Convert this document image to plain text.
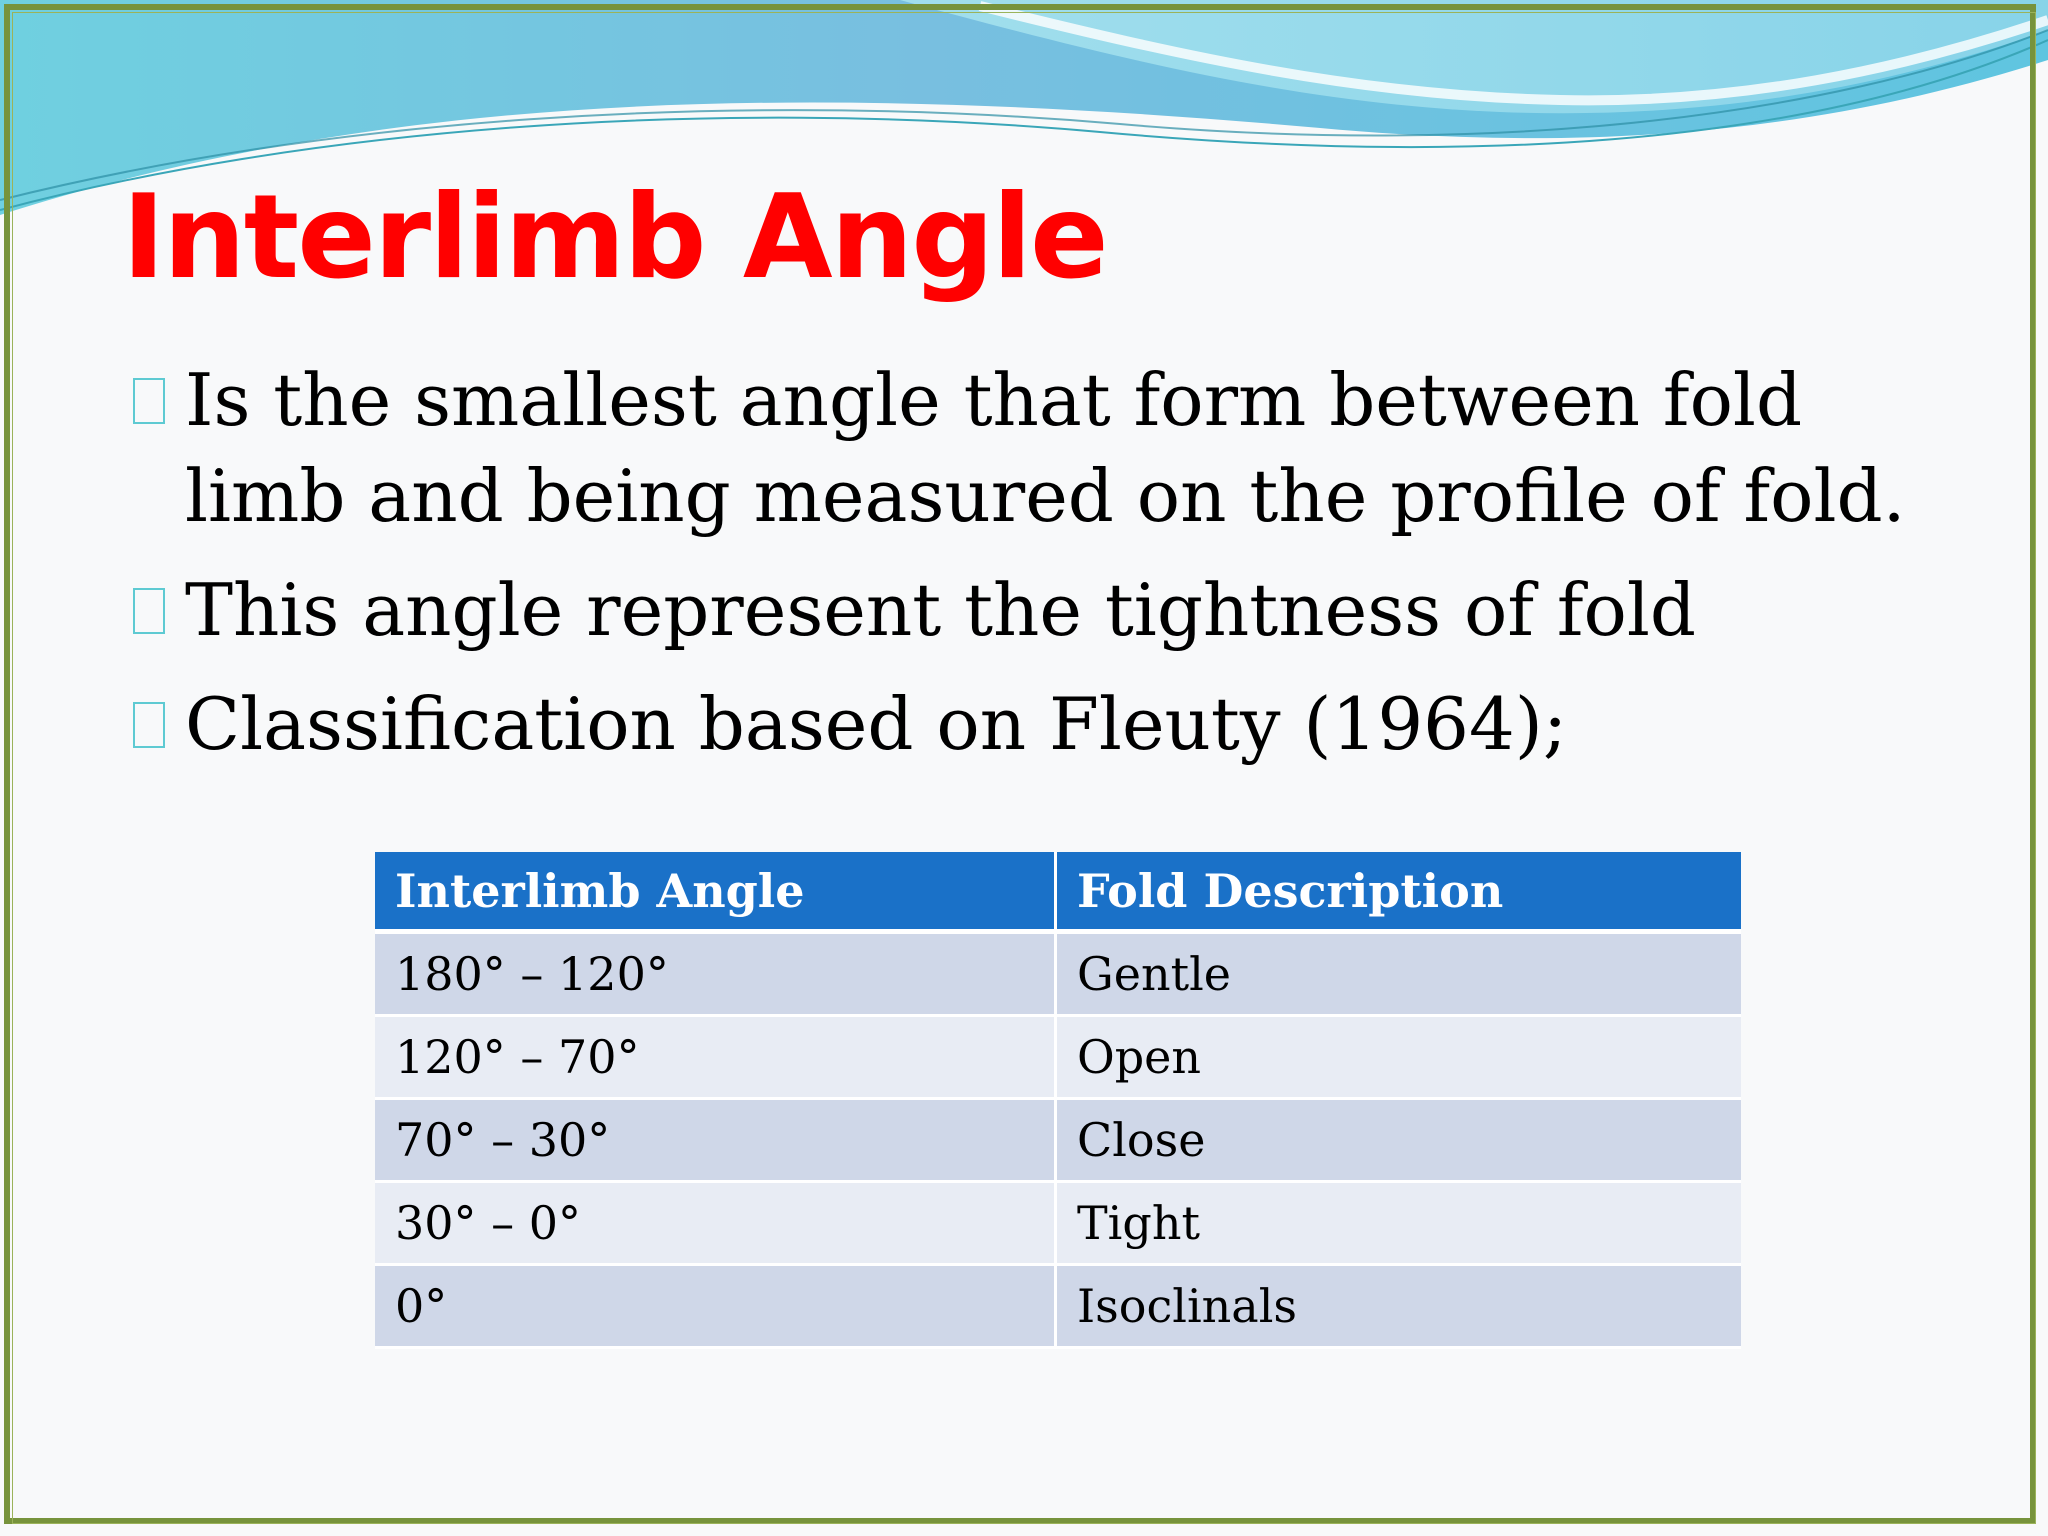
Interlimb Angle
Is the smallest angle that form between fold limb and being measured on the profile of fold.
This angle represent the tightness of fold
Classification based on Fleuty (1964);
Interlimb Angle	Fold Description
180° – 120°	Gentle
120° – 70°	Open
70° – 30°	Close
30° – 0°	Tight
0°	Isoclinals
